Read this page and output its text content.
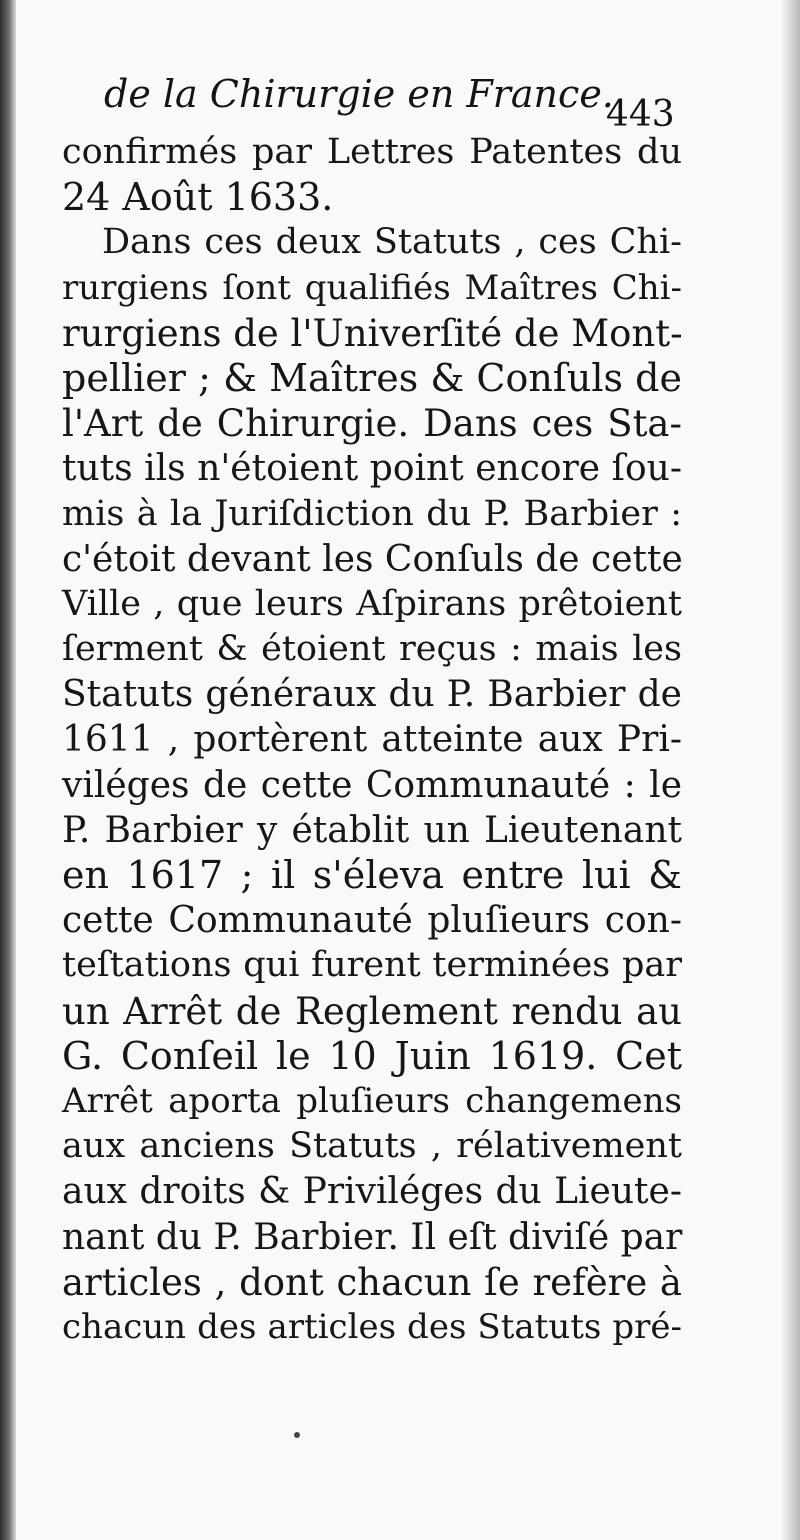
de la Chirurgie en France.
443
confirmés par Lettres Patentes du
24 Août 1633.
Dans ces deux Statuts , ces Chi-
rurgiens ſont qualifiés Maîtres Chi-
rurgiens de l'Univerſité de Mont-
pellier ; & Maîtres & Conſuls de
l'Art de Chirurgie. Dans ces Sta-
tuts ils n'étoient point encore ſou-
mis à la Juriſdiction du P. Barbier :
c'étoit devant les Conſuls de cette
Ville , que leurs Aſpirans prêtoient
ſerment & étoient reçus : mais les
Statuts généraux du P. Barbier de
1611 , portèrent atteinte aux Pri-
viléges de cette Communauté : le
P. Barbier y établit un Lieutenant
en 1617 ; il s'éleva entre lui &
cette Communauté pluſieurs con-
teſtations qui furent terminées par
un Arrêt de Reglement rendu au
G. Conſeil le 10 Juin 1619. Cet
Arrêt aporta pluſieurs changemens
aux anciens Statuts , rélativement
aux droits & Priviléges du Lieute-
nant du P. Barbier. Il eſt diviſé par
articles , dont chacun ſe refère à
chacun des articles des Statuts pré-
